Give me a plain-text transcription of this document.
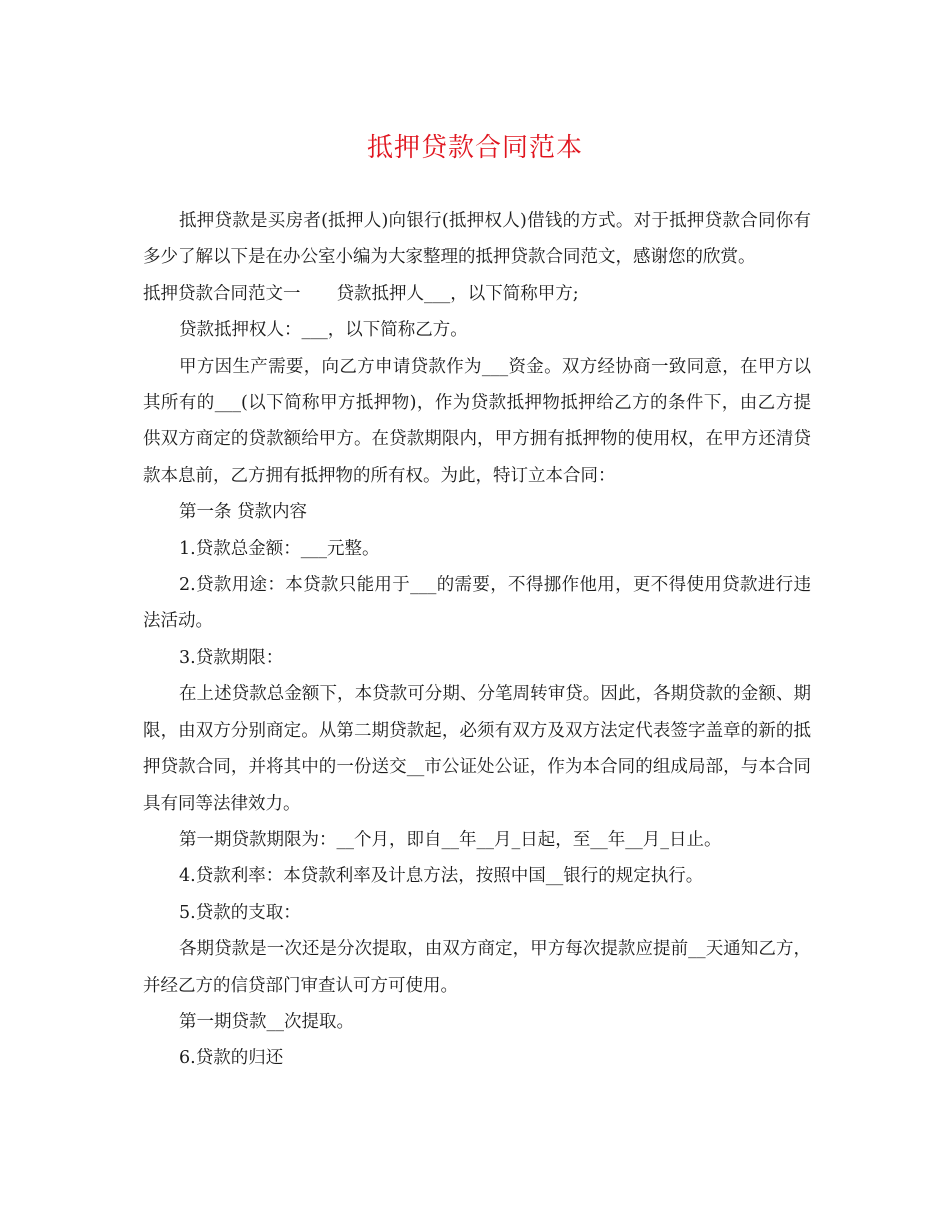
抵押贷款合同范本

抵押贷款是买房者(抵押人)向银行(抵押权人)借钱的方式。对于抵押贷款合同你有多少了解以下是在办公室小编为大家整理的抵押贷款合同范文，感谢您的欣赏。

抵押贷款合同范文一 贷款抵押人___，以下简称甲方;

贷款抵押权人：___，以下简称乙方。

甲方因生产需要，向乙方申请贷款作为___资金。双方经协商一致同意，在甲方以其所有的___(以下简称甲方抵押物)，作为贷款抵押物抵押给乙方的条件下，由乙方提供双方商定的贷款额给甲方。在贷款期限内，甲方拥有抵押物的使用权，在甲方还清贷款本息前，乙方拥有抵押物的所有权。为此，特订立本合同：

第一条 贷款内容

1.贷款总金额：___元整。

2.贷款用途：本贷款只能用于___的需要，不得挪作他用，更不得使用贷款进行违法活动。

3.贷款期限：

在上述贷款总金额下，本贷款可分期、分笔周转审贷。因此，各期贷款的金额、期限，由双方分别商定。从第二期贷款起，必须有双方及双方法定代表签字盖章的新的抵押贷款合同，并将其中的一份送交__市公证处公证，作为本合同的组成局部，与本合同具有同等法律效力。

第一期贷款期限为：__个月，即自__年__月_日起，至__年__月_日止。

4.贷款利率：本贷款利率及计息方法，按照中国__银行的规定执行。

5.贷款的支取：

各期贷款是一次还是分次提取，由双方商定，甲方每次提款应提前__天通知乙方，并经乙方的信贷部门审查认可方可使用。

第一期贷款__次提取。

6.贷款的归还
